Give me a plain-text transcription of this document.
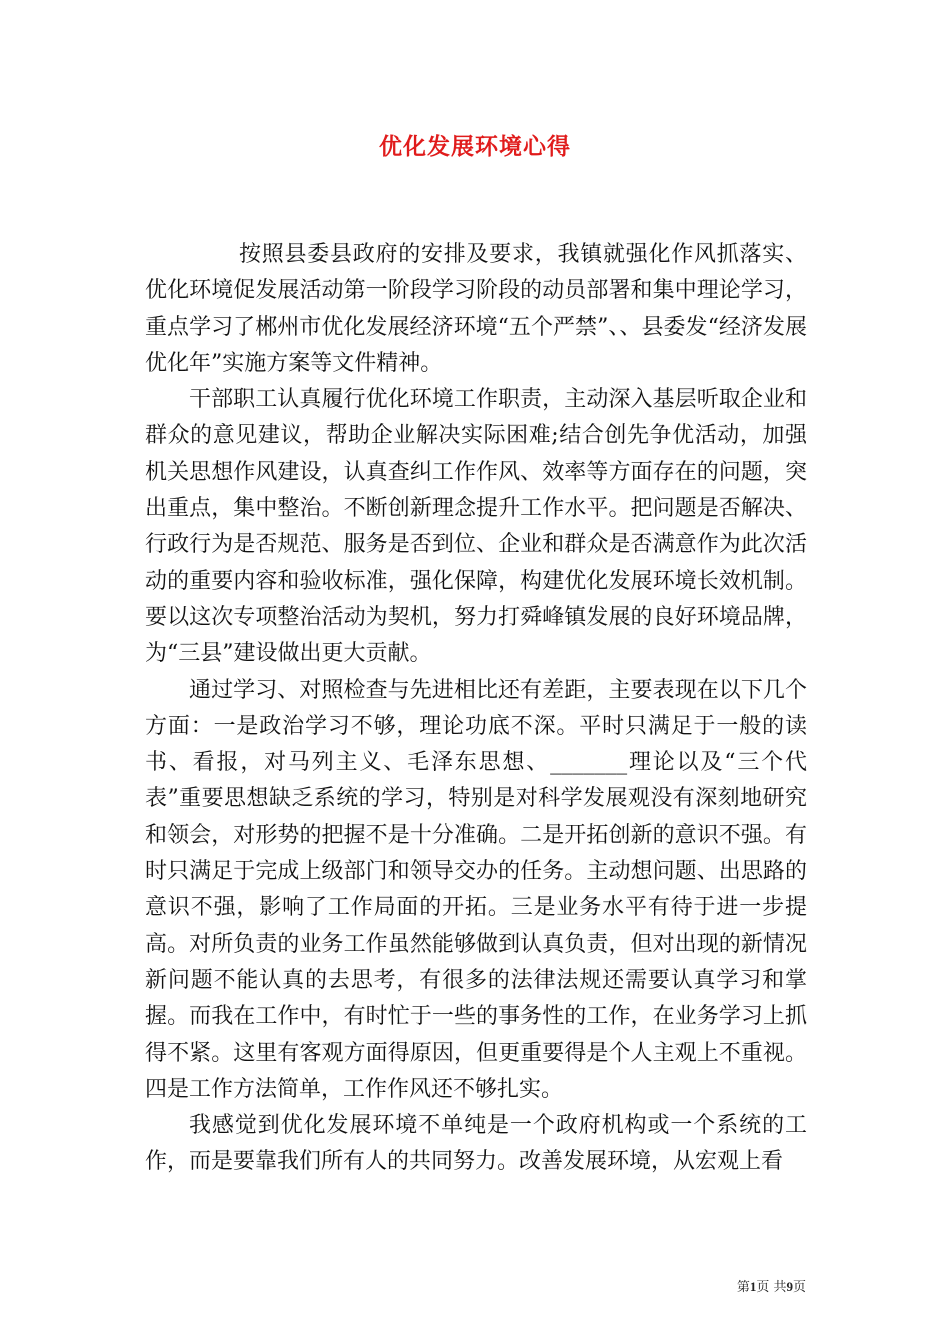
优化发展环境心得

按照县委县政府的安排及要求，我镇就强化作风抓落实、优化环境促发展活动第一阶段学习阶段的动员部署和集中理论学习，重点学习了郴州市优化发展经济环境“五个严禁”、、县委发“经济发展优化年”实施方案等文件精神。

干部职工认真履行优化环境工作职责，主动深入基层听取企业和群众的意见建议，帮助企业解决实际困难;结合创先争优活动，加强机关思想作风建设，认真查纠工作作风、效率等方面存在的问题，突出重点，集中整治。不断创新理念提升工作水平。把问题是否解决、行政行为是否规范、服务是否到位、企业和群众是否满意作为此次活动的重要内容和验收标准，强化保障，构建优化发展环境长效机制。要以这次专项整治活动为契机，努力打舜峰镇发展的良好环境品牌，为“三县”建设做出更大贡献。

通过学习、对照检查与先进相比还有差距，主要表现在以下几个方面：一是政治学习不够，理论功底不深。平时只满足于一般的读书、看报，对马列主义、毛泽东思想、_______理论以及“三个代表”重要思想缺乏系统的学习，特别是对科学发展观没有深刻地研究和领会，对形势的把握不是十分准确。二是开拓创新的意识不强。有时只满足于完成上级部门和领导交办的任务。主动想问题、出思路的意识不强，影响了工作局面的开拓。三是业务水平有待于进一步提高。对所负责的业务工作虽然能够做到认真负责，但对出现的新情况新问题不能认真的去思考，有很多的法律法规还需要认真学习和掌握。而我在工作中，有时忙于一些的事务性的工作，在业务学习上抓得不紧。这里有客观方面得原因，但更重要得是个人主观上不重视。四是工作方法简单，工作作风还不够扎实。

我感觉到优化发展环境不单纯是一个政府机构或一个系统的工作，而是要靠我们所有人的共同努力。改善发展环境，从宏观上看

第1页 共9页
